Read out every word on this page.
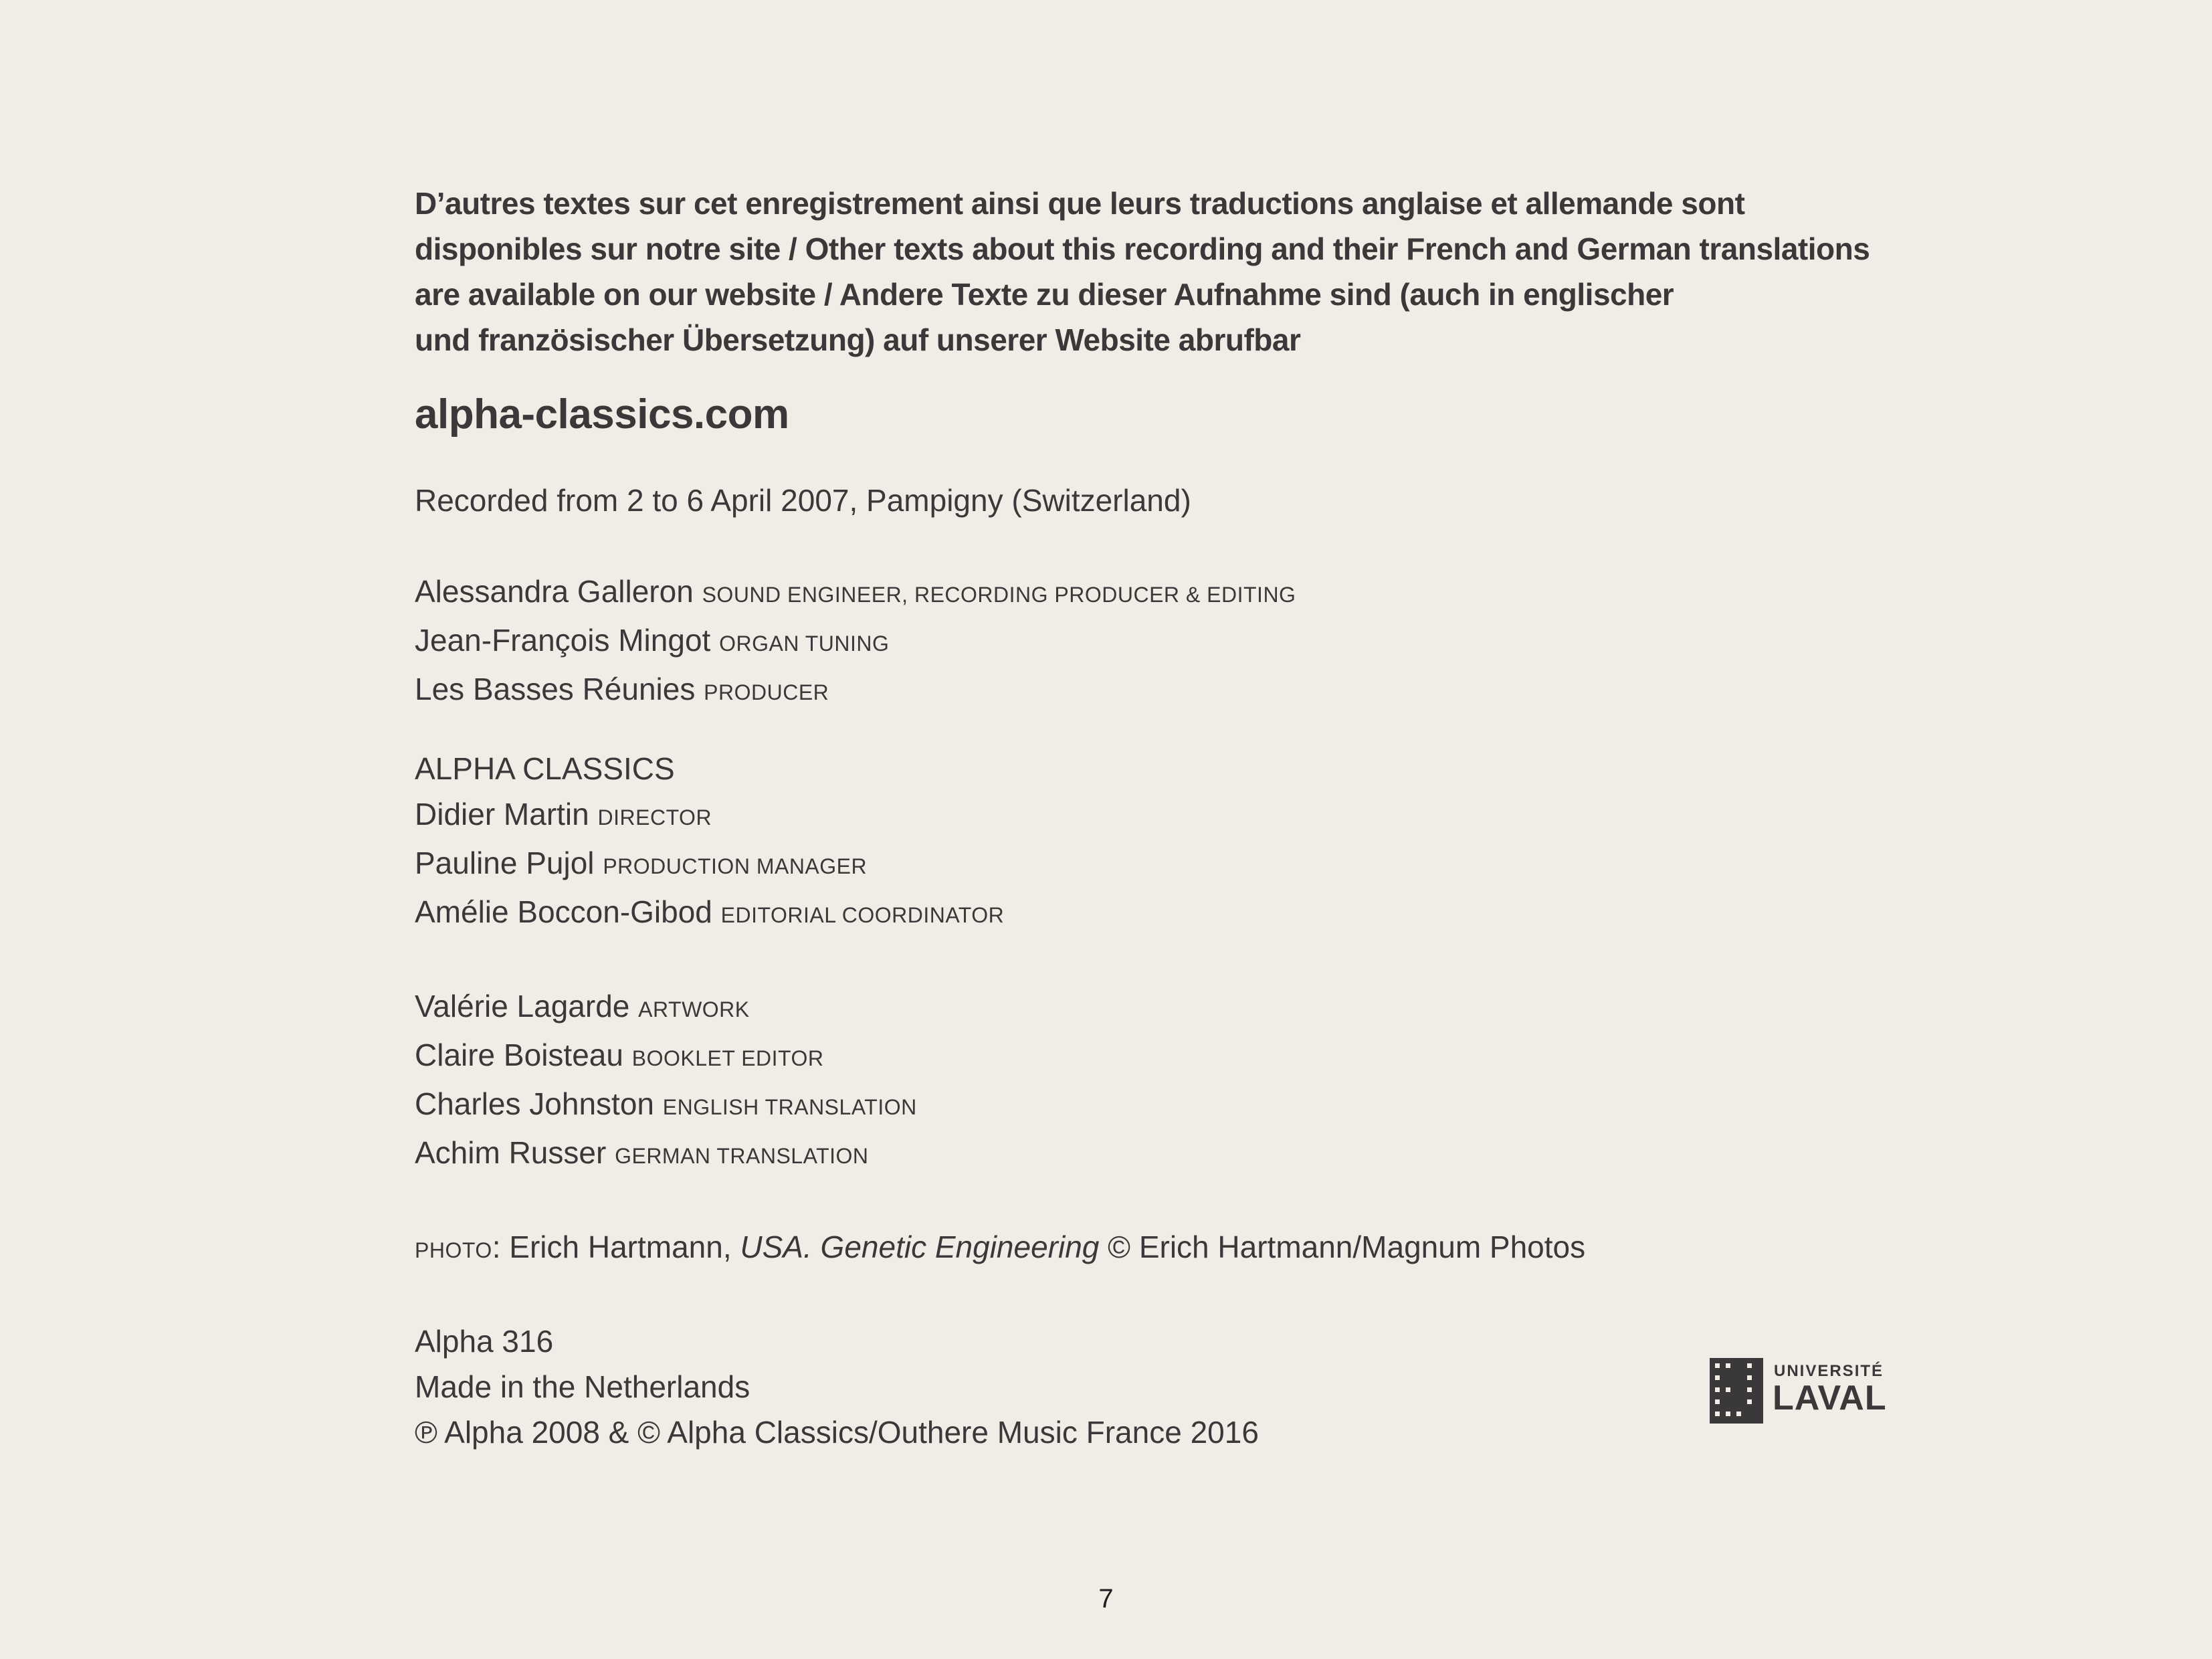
D’autres textes sur cet enregistrement ainsi que leurs traductions anglaise et allemande sont

disponibles sur notre site / Other texts about this recording and their French and German translations

are available on our website / Andere Texte zu dieser Aufnahme sind (auch in englischer

und französischer Übersetzung) auf unserer Website abrufbar

alpha-classics.com
Recorded from 2 to 6 April 2007, Pampigny (Switzerland)
Alessandra Galleron SOUND ENGINEER, RECORDING PRODUCER & EDITING
Jean-François Mingot ORGAN TUNING
Les Basses Réunies PRODUCER
ALPHA CLASSICS
Didier Martin DIRECTOR
Pauline Pujol PRODUCTION MANAGER
Amélie Boccon-Gibod EDITORIAL COORDINATOR
Valérie Lagarde ARTWORK
Claire Boisteau BOOKLET EDITOR
Charles Johnston ENGLISH TRANSLATION
Achim Russer GERMAN TRANSLATION
PHOTO: Erich Hartmann, USA. Genetic Engineering © Erich Hartmann/Magnum Photos
Alpha 316
Made in the Netherlands
℗ Alpha 2008 & © Alpha Classics/Outhere Music France 2016
UNIVERSITÉ
LAVAL
7
